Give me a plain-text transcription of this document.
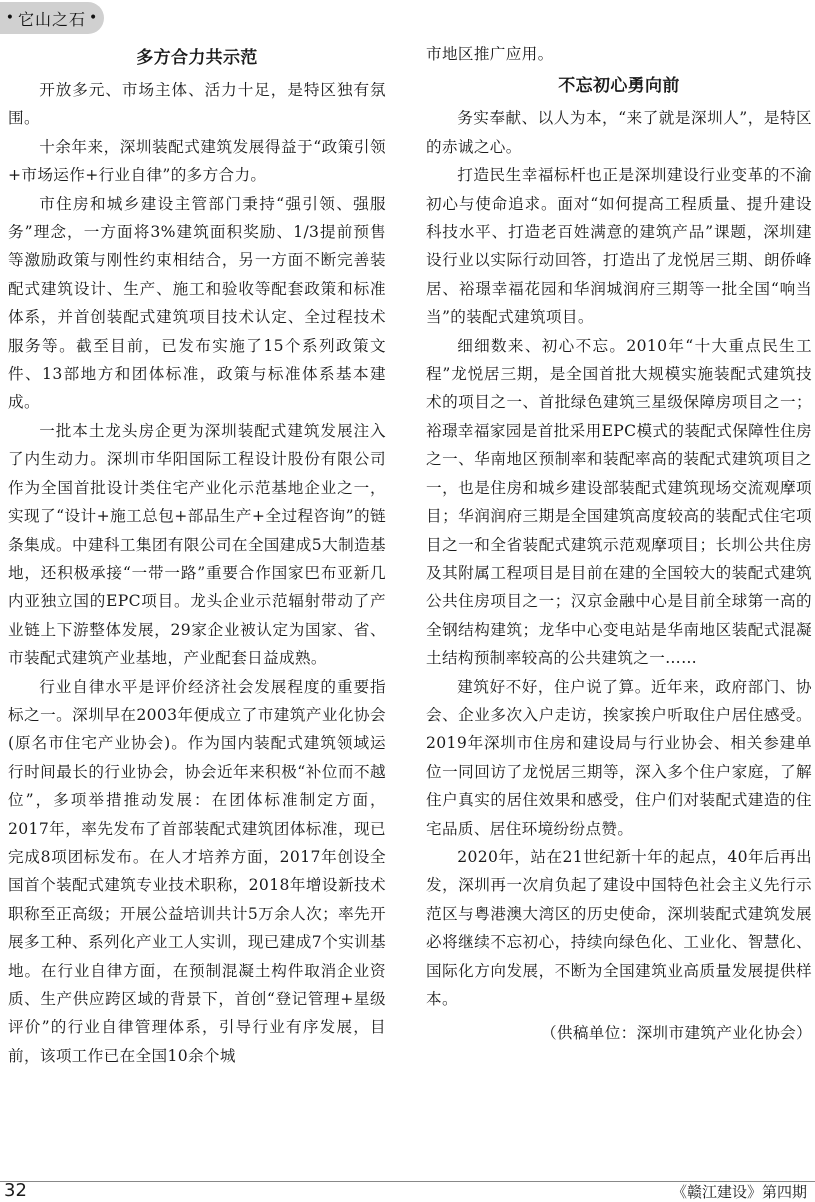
• 它山之石 •
多方合力共示范

开放多元、市场主体、活力十足，是特区独有氛围。

十余年来，深圳装配式建筑发展得益于“政策引领+市场运作+行业自律”的多方合力。

市住房和城乡建设主管部门秉持“强引领、强服务”理念，一方面将3%建筑面积奖励、1/3提前预售等激励政策与刚性约束相结合，另一方面不断完善装配式建筑设计、生产、施工和验收等配套政策和标准体系，并首创装配式建筑项目技术认定、全过程技术服务等。截至目前，已发布实施了15个系列政策文件、13部地方和团体标准，政策与标准体系基本建成。

一批本土龙头房企更为深圳装配式建筑发展注入了内生动力。深圳市华阳国际工程设计股份有限公司作为全国首批设计类住宅产业化示范基地企业之一，实现了“设计+施工总包+部品生产+全过程咨询”的链条集成。中建科工集团有限公司在全国建成5大制造基地，还积极承接“一带一路”重要合作国家巴布亚新几内亚独立国的EPC项目。龙头企业示范辐射带动了产业链上下游整体发展，29家企业被认定为国家、省、市装配式建筑产业基地，产业配套日益成熟。

行业自律水平是评价经济社会发展程度的重要指标之一。深圳早在2003年便成立了市建筑产业化协会(原名市住宅产业协会)。作为国内装配式建筑领域运行时间最长的行业协会，协会近年来积极“补位而不越位”，多项举措推动发展：在团体标准制定方面，2017年，率先发布了首部装配式建筑团体标准，现已完成8项团标发布。在人才培养方面，2017年创设全国首个装配式建筑专业技术职称，2018年增设新技术职称至正高级；开展公益培训共计5万余人次；率先开展多工种、系列化产业工人实训，现已建成7个实训基地。在行业自律方面，在预制混凝土构件取消企业资质、生产供应跨区域的背景下，首创“登记管理+星级评价”的行业自律管理体系，引导行业有序发展，目前，该项工作已在全国10余个城

市地区推广应用。

不忘初心勇向前

务实奉献、以人为本，“来了就是深圳人”，是特区的赤诚之心。

打造民生幸福标杆也正是深圳建设行业变革的不渝初心与使命追求。面对“如何提高工程质量、提升建设科技水平、打造老百姓满意的建筑产品”课题，深圳建设行业以实际行动回答，打造出了龙悦居三期、朗侨峰居、裕璟幸福花园和华润城润府三期等一批全国“响当当”的装配式建筑项目。

细细数来、初心不忘。2010年“十大重点民生工程”龙悦居三期，是全国首批大规模实施装配式建筑技术的项目之一、首批绿色建筑三星级保障房项目之一；裕璟幸福家园是首批采用EPC模式的装配式保障性住房之一、华南地区预制率和装配率高的装配式建筑项目之一，也是住房和城乡建设部装配式建筑现场交流观摩项目；华润润府三期是全国建筑高度较高的装配式住宅项目之一和全省装配式建筑示范观摩项目；长圳公共住房及其附属工程项目是目前在建的全国较大的装配式建筑公共住房项目之一；汉京金融中心是目前全球第一高的全钢结构建筑；龙华中心变电站是华南地区装配式混凝土结构预制率较高的公共建筑之一……

建筑好不好，住户说了算。近年来，政府部门、协会、企业多次入户走访，挨家挨户听取住户居住感受。2019年深圳市住房和建设局与行业协会、相关参建单位一同回访了龙悦居三期等，深入多个住户家庭，了解住户真实的居住效果和感受，住户们对装配式建造的住宅品质、居住环境纷纷点赞。

2020年，站在21世纪新十年的起点，40年后再出发，深圳再一次肩负起了建设中国特色社会主义先行示范区与粤港澳大湾区的历史使命，深圳装配式建筑发展必将继续不忘初心，持续向绿色化、工业化、智慧化、国际化方向发展，不断为全国建筑业高质量发展提供样本。

（供稿单位：深圳市建筑产业化协会）

32	《赣江建设》第四期
